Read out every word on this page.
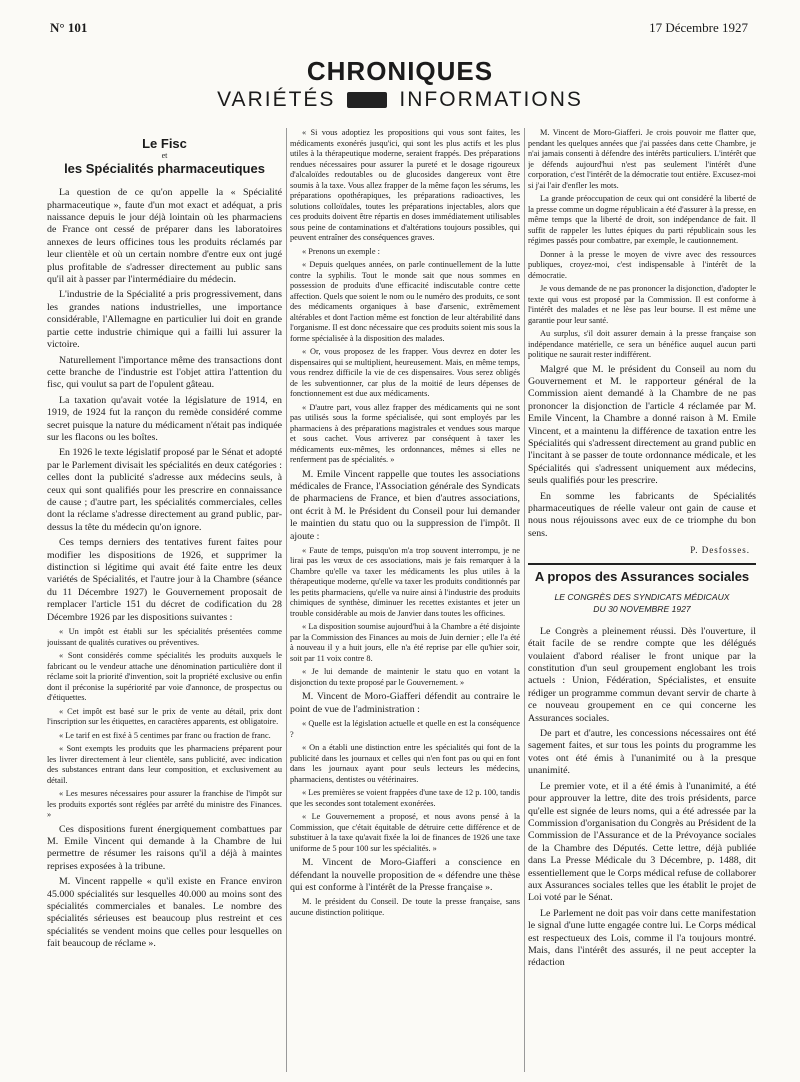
N° 101	17 Décembre 1927
CHRONIQUES
VARIÉTÉS	INFORMATIONS
Le Fisc
et
les Spécialités pharmaceutiques

La question de ce qu'on appelle la « Spécialité pharmaceutique », faute d'un mot exact et adéquat, a pris naissance depuis le jour déjà lointain où les pharmaciens de France ont cessé de préparer dans les laboratoires annexes de leurs officines tous les produits réclamés par leur clientèle et où un certain nombre d'entre eux ont jugé plus profitable de s'adresser directement au public sans qu'il ait à passer par l'intermédiaire du médecin.

L'industrie de la Spécialité a pris progressivement, dans les grandes nations industrielles, une importance considérable, l'Allemagne en particulier lui doit en grande partie cette industrie chimique qui a failli lui assurer la victoire.

Naturellement l'importance même des transactions dont cette branche de l'industrie est l'objet attira l'attention du fisc, qui voulut sa part de l'opulent gâteau.

La taxation qu'avait votée la législature de 1914, en 1919, de 1924 fut la rançon du remède considéré comme secret puisque la nature du médicament n'était pas indiquée sur les flacons ou les boîtes.

En 1926 le texte législatif proposé par le Sénat et adopté par le Parlement divisait les spécialités en deux catégories : celles dont la publicité s'adresse aux médecins seuls, à ceux qui sont qualifiés pour les prescrire en connaissance de cause ; d'autre part, les spécialités commerciales, celles dont la réclame s'adresse directement au grand public, par-dessus la tête du médecin qu'on ignore.

Ces temps derniers des tentatives furent faites pour modifier les dispositions de 1926, et supprimer la distinction si légitime qui avait été faite entre les deux variétés de Spécialités, et l'autre jour à la Chambre (séance du 11 Décembre 1927) le Gouvernement proposait de remplacer l'article 151 du décret de codification du 28 Décembre 1926 par les dispositions suivantes :

« Un impôt est établi sur les spécialités présentées comme jouissant de qualités curatives ou préventives.

« Sont considérés comme spécialités les produits auxquels le fabricant ou le vendeur attache une dénomination particulière dont il réclame soit la priorité d'invention, soit la propriété exclusive ou enfin dont il préconise la supériorité par voie d'annonce, de prospectus ou d'étiquettes.

« Cet impôt est basé sur le prix de vente au détail, prix dont l'inscription sur les étiquettes, en caractères apparents, est obligatoire.

« Le tarif en est fixé à 5 centimes par franc ou fraction de franc.

« Sont exempts les produits que les pharmaciens préparent pour les livrer directement à leur clientèle, sans publicité, avec indication des substances entrant dans leur composition, et exclusivement au détail.

« Les mesures nécessaires pour assurer la franchise de l'impôt sur les produits exportés sont réglées par arrêté du ministre des Finances. »

Ces dispositions furent énergiquement combattues par M. Emile Vincent qui demande à la Chambre de lui permettre de résumer les raisons qu'il a déjà à maintes reprises exposées à la tribune.

M. Vincent rappelle « qu'il existe en France environ 45.000 spécialités sur lesquelles 40.000 au moins sont des spécialités commerciales et banales. Le nombre des spécialités sérieuses est beaucoup plus restreint et ces spécialités se vendent moins que celles pour lesquelles on fait beaucoup de réclame ».

« Si vous adoptiez les propositions qui vous sont faites, les médicaments exonérés jusqu'ici, qui sont les plus actifs et les plus utiles à la thérapeutique moderne, seraient frappés. Des préparations rendues nécessaires pour assurer la pureté et le dosage rigoureux d'alcaloïdes redoutables ou de glucosides dangereux vont être soumis à la taxe. Vous allez frapper de la même façon les sérums, les préparations opothérapiques, les préparations radioactives, les solutions colloïdales, toutes les préparations injectables, alors que ces produits doivent être répartis en doses immédiatement utilisables sous peine de contaminations et d'altérations toujours possibles, qui peuvent entraîner des conséquences graves.

« Prenons un exemple :

« Depuis quelques années, on parle continuellement de la lutte contre la syphilis. Tout le monde sait que nous sommes en possession de produits d'une efficacité indiscutable contre cette affection. Quels que soient le nom ou le numéro des produits, ce sont des médicaments organiques à base d'arsenic, extrêmement altérables et dont l'action même est fonction de leur altérabilité dans l'organisme. Il est donc nécessaire que ces produits soient mis sous la forme spécialisée à la disposition des malades.

« Or, vous proposez de les frapper. Vous devrez en doter les dispensaires qui se multiplient, heureusement. Mais, en même temps, vous rendrez difficile la vie de ces dispensaires. Vous serez obligés de les subventionner, car plus de la moitié de leurs dépenses de fonctionnement est due aux médicaments.

« D'autre part, vous allez frapper des médicaments qui ne sont pas utilisés sous la forme spécialisée, qui sont employés par les pharmaciens à des préparations magistrales et vendues sous marque et sous cachet. Vous arriverez par conséquent à taxer les médicaments eux-mêmes, les ordonnances, mêmes si elles ne renferment pas de spécialités. »

M. Emile Vincent rappelle que toutes les associations médicales de France, l'Association générale des Syndicats de pharmaciens de France, et bien d'autres associations, ont écrit à M. le Président du Conseil pour lui demander le maintien du statu quo ou la suppression de l'impôt. Il ajoute :

« Faute de temps, puisqu'on m'a trop souvent interrompu, je ne lirai pas les vœux de ces associations, mais je fais remarquer à la Chambre qu'elle va taxer les médicaments les plus utiles à la thérapeutique moderne, qu'elle va taxer les produits conditionnés par les petits pharmaciens, qu'elle va nuire ainsi à l'industrie des produits chimiques de synthèse, diminuer les recettes existantes et jeter un trouble considérable au mois de Janvier dans toutes les officines.

« La disposition soumise aujourd'hui à la Chambre a été disjointe par la Commission des Finances au mois de Juin dernier ; elle l'a été à nouveau il y a huit jours, elle n'a été reprise par elle qu'hier soir, soit par 11 voix contre 8.

« Je lui demande de maintenir le statu quo en votant la disjonction du texte proposé par le Gouvernement. »

M. Vincent de Moro-Giafferi défendit au contraire le point de vue de l'administration :

« Quelle est la législation actuelle et quelle en est la conséquence ?

« On a établi une distinction entre les spécialités qui font de la publicité dans les journaux et celles qui n'en font pas ou qui en font dans les journaux ayant pour seuls lecteurs les médecins, pharmaciens, dentistes ou vétérinaires.

« Les premières se voient frappées d'une taxe de 12 p. 100, tandis que les secondes sont totalement exonérées.

« Le Gouvernement a proposé, et nous avons pensé à la Commission, que c'était équitable de détruire cette différence et de substituer à la taxe qu'avait fixée la loi de finances de 1926 une taxe uniforme de 5 pour 100 sur les spécialités. »

M. Vincent de Moro-Giafferi a conscience en défendant la nouvelle proposition de « défendre une thèse qui est conforme à l'intérêt de la Presse française ».

M. le président du Conseil. De toute la presse française, sans aucune distinction politique.

M. Vincent de Moro-Giafferi. Je crois pouvoir me flatter que, pendant les quelques années que j'ai passées dans cette Chambre, je n'ai jamais consenti à défendre des intérêts particuliers. L'intérêt que je défends aujourd'hui n'est pas seulement l'intérêt d'une corporation, c'est l'intérêt de la démocratie tout entière. Excusez-moi si j'ai l'air d'enfler les mots.

La grande préoccupation de ceux qui ont considéré la liberté de la presse comme un dogme républicain a été d'assurer à la presse, en même temps que la liberté de droit, son indépendance de fait. Il suffit de rappeler les luttes épiques du parti républicain sous les régimes passés pour combattre, par exemple, le cautionnement.

Donner à la presse le moyen de vivre avec des ressources publiques, croyez-moi, c'est indispensable à l'intérêt de la démocratie.

Je vous demande de ne pas prononcer la disjonction, d'adopter le texte qui vous est proposé par la Commission. Il est conforme à l'intérêt des malades et ne lèse pas leur bourse. Il est même une garantie pour leur santé.

Au surplus, s'il doit assurer demain à la presse française son indépendance matérielle, ce sera un bénéfice auquel aucun parti politique ne saurait rester indifférent.

Malgré que M. le président du Conseil au nom du Gouvernement et M. le rapporteur général de la Commission aient demandé à la Chambre de ne pas prononcer la disjonction de l'article 4 réclamée par M. Emile Vincent, la Chambre a donné raison à M. Emile Vincent, et a maintenu la différence de taxation entre les Spécialités qui s'adressent directement au grand public en l'incitant à se passer de toute ordonnance médicale, et les Spécialités qui s'adressent uniquement aux médecins, seuls qualifiés pour les prescrire.

En somme les fabricants de Spécialités pharmaceutiques de réelle valeur ont gain de cause et nous nous réjouissons avec eux de ce triomphe du bon sens.

P. Desfosses.
A propos des Assurances sociales
LE CONGRÈS DES SYNDICATS MÉDICAUX
DU 30 NOVEMBRE 1927

Le Congrès a pleinement réussi. Dès l'ouverture, il était facile de se rendre compte que les délégués voulaient d'abord réaliser le front unique par la constitution d'un seul groupement englobant les trois actuels : Union, Fédération, Spécialistes, et ensuite rédiger un programme commun devant servir de charte à ce nouveau groupement en ce qui concerne les Assurances sociales.

De part et d'autre, les concessions nécessaires ont été sagement faites, et sur tous les points du programme les votes ont été émis à l'unanimité ou à la presque unanimité.

Le premier vote, et il a été émis à l'unanimité, a été pour approuver la lettre, dite des trois présidents, parce qu'elle est signée de leurs noms, qui a été adressée par la Commission d'organisation du Congrès au Président de la Commission de l'Assurance et de la Prévoyance sociales de la Chambre des Députés. Cette lettre, déjà publiée dans La Presse Médicale du 3 Décembre, p. 1488, dit essentiellement que le Corps médical refuse de collaborer aux Assurances sociales telles que les établit le projet de Loi voté par le Sénat.

Le Parlement ne doit pas voir dans cette manifestation le signal d'une lutte engagée contre lui. Le Corps médical est respectueux des Lois, comme il l'a toujours montré. Mais, dans l'intérêt des assurés, il ne peut accepter la rédaction
